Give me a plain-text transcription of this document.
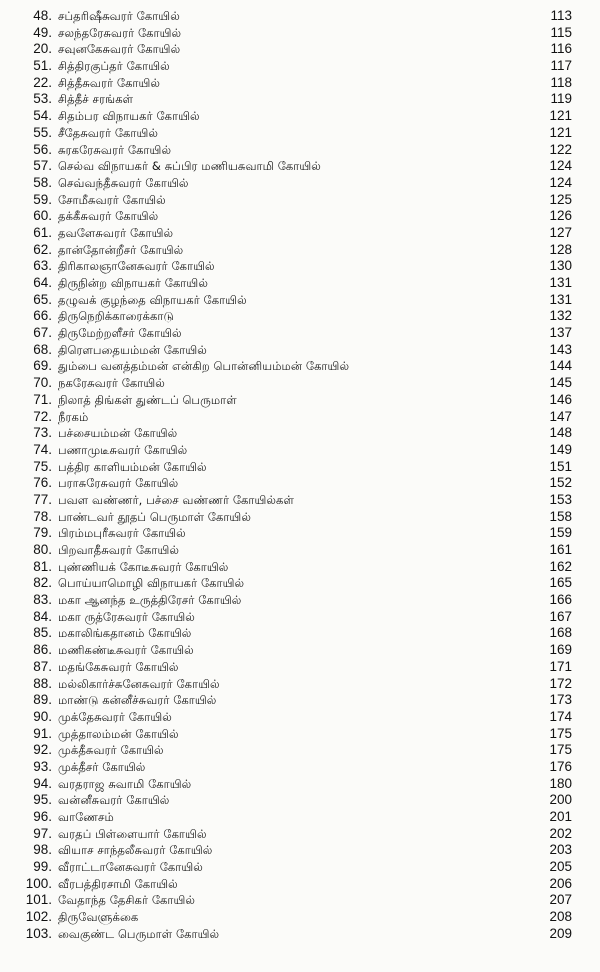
48. சப்தரிஷீசுவரர் கோயில்	113
49. சலந்தரேசுவரர் கோயில்	115
20. சவுனகேசுவரர் கோயில்	116
51. சித்திரகுப்தர் கோயில்	117
22. சித்தீசுவரர் கோயில்	118
53. சித்தீச் சரங்கள்	119
54. சிதம்பர விநாயகர் கோயில்	121
55. சீதேசுவரர் கோயில்	121
56. சுரகரேசுவரர் கோயில்	122
57. செல்வ விநாயகர் & சுப்பிர மணியசுவாமி கோயில்	124
58. செவ்வந்தீசுவரர் கோயில்	124
59. சோமீசுவரர் கோயில்	125
60. தக்கீசுவரர் கோயில்	126
61. தவளேசுவரர் கோயில்	127
62. தான்தோன்றீசர் கோயில்	128
63. திரிகாலஞானேசுவரர் கோயில்	130
64. திருநின்ற விநாயகர் கோயில்	131
65. தழுவக் குழந்தை விநாயகர் கோயில்	131
66. திருநெறிக்காரைக்காடு	132
67. திருமேற்றளீசர் கோயில்	137
68. திரௌபதையம்மன் கோயில்	143
69. தும்பை வனத்தம்மன் என்கிற பொன்னியம்மன் கோயில்	144
70. நகரேசுவரர் கோயில்	145
71. நிலாத் திங்கள் துண்டப் பெருமாள்	146
72. நீரகம்	147
73. பச்சையம்மன் கோயில்	148
74. பணாமுடீசுவரர் கோயில்	149
75. பத்திர காளியம்மன் கோயில்	151
76. பராசுரேசுவரர் கோயில்	152
77. பவள வண்ணர், பச்சை வண்ணர் கோயில்கள்	153
78. பாண்டவர் தூதப் பெருமாள் கோயில்	158
79. பிரம்மபுரீசுவரர் கோயில்	159
80. பிறவாதீசுவரர் கோயில்	161
81. புண்ணியக் கோடீசுவரர் கோயில்	162
82. பொய்யாமொழி விநாயகர் கோயில்	165
83. மகா ஆனந்த உருத்திரேசர் கோயில்	166
84. மகா ருத்ரேசுவரர் கோயில்	167
85. மகாலிங்கதானம் கோயில்	168
86. மணிகண்டீசுவரர் கோயில்	169
87. மதங்கேசுவரர் கோயில்	171
88. மல்லிகார்ச்சுனேசுவரர் கோயில்	172
89. மாண்டு கன்னீச்சுவரர் கோயில்	173
90. முக்தேசுவரர் கோயில்	174
91. முத்தாலம்மன் கோயில்	175
92. முக்தீசுவரர் கோயில்	175
93. முக்தீசர் கோயில்	176
94. வரதராஜ சுவாமி கோயில்	180
95. வன்னீசுவரர் கோயில்	200
96. வாணேசம்	201
97. வரதப் பிள்ளையார் கோயில்	202
98. வியாச சாந்தலீசுவரர் கோயில்	203
99. வீராட்டானேசுவரர் கோயில்	205
100. வீரபத்திரசாமி கோயில்	206
101. வேதாந்த தேசிகர் கோயில்	207
102. திருவேளுக்கை	208
103. வைகுண்ட பெருமாள் கோயில்	209
